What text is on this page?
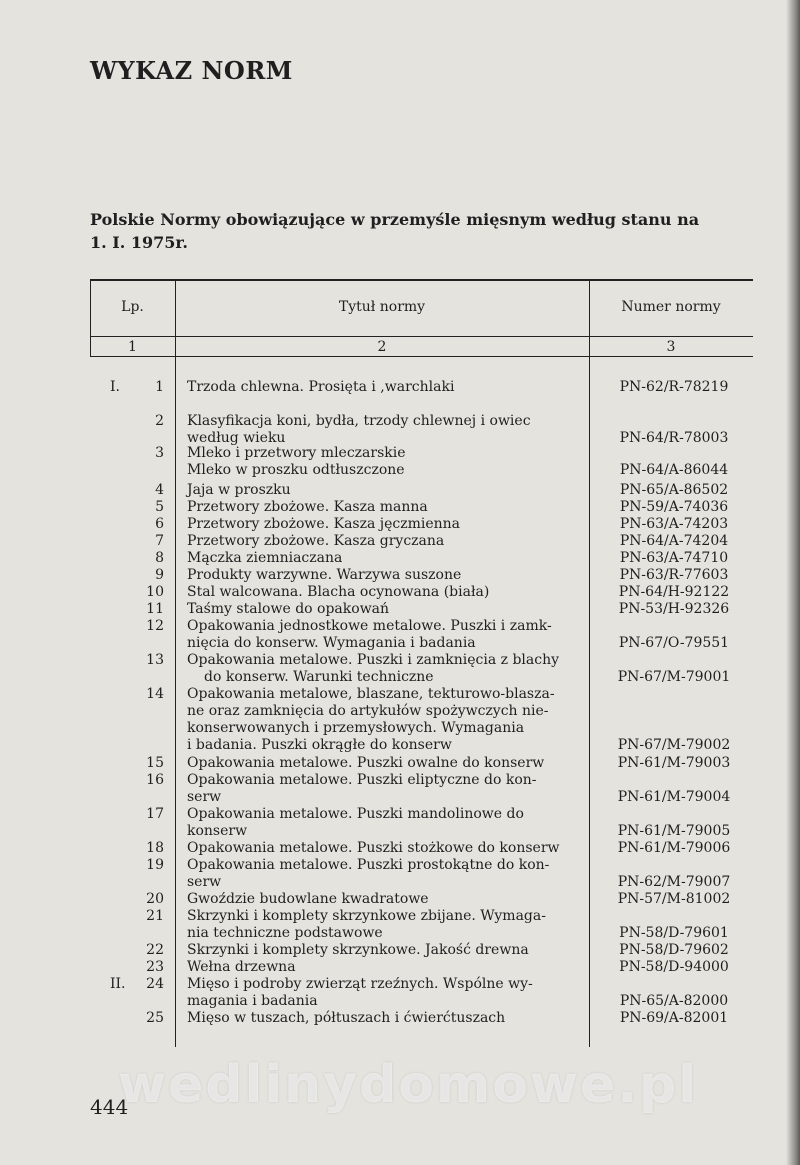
WYKAZ NORM

Polskie Normy obowiązujące w przemyśle mięsnym według stanu na 1. I. 1975r.

Lp.	Tytuł normy	Numer normy
1	2	3
I.	1 Trzoda chlewna. Prosięta i ,warchlaki	PN-62/R-78219
2 Klasyfikacja koni, bydła, trzody chlewnej i owiec
według wieku	PN-64/R-78003
3 Mleko i przetwory mleczarskie
Mleko w proszku odtłuszczone	PN-64/A-86044
4 Jaja w proszku	PN-65/A-86502
5 Przetwory zbożowe. Kasza manna	PN-59/A-74036
6 Przetwory zbożowe. Kasza jęczmienna	PN-63/A-74203
7 Przetwory zbożowe. Kasza gryczana	PN-64/A-74204
8 Mączka ziemniaczana	PN-63/A-74710
9 Produkty warzywne. Warzywa suszone	PN-63/R-77603
10 Stal walcowana. Blacha ocynowana (biała)	PN-64/H-92122
11 Taśmy stalowe do opakowań	PN-53/H-92326
12 Opakowania jednostkowe metalowe. Puszki i zamk-
nięcia do konserw. Wymagania i badania	PN-67/O-79551
13 Opakowania metalowe. Puszki i zamknięcia z blachy
do konserw. Warunki techniczne	PN-67/M-79001
14 Opakowania metalowe, blaszane, tekturowo-blasza-
ne oraz zamknięcia do artykułów spożywczych nie-
konserwowanych i przemysłowych. Wymagania
i badania. Puszki okrągłe do konserw	PN-67/M-79002
15 Opakowania metalowe. Puszki owalne do konserw	PN-61/M-79003
16 Opakowania metalowe. Puszki eliptyczne do kon-
serw	PN-61/M-79004
17 Opakowania metalowe. Puszki mandolinowe do
konserw	PN-61/M-79005
18 Opakowania metalowe. Puszki stożkowe do konserw	PN-61/M-79006
19 Opakowania metalowe. Puszki prostokątne do kon-
serw	PN-62/M-79007
20 Gwoździe budowlane kwadratowe	PN-57/M-81002
21 Skrzynki i komplety skrzynkowe zbijane. Wymaga-
nia techniczne podstawowe	PN-58/D-79601
22 Skrzynki i komplety skrzynkowe. Jakość drewna	PN-58/D-79602
23 Wełna drzewna	PN-58/D-94000
II.	24 Mięso i podroby zwierząt rzeźnych. Wspólne wy-
magania i badania	PN-65/A-82000
25 Mięso w tuszach, półtuszach i ćwierćtuszach	PN-69/A-82001
wedlinydomowe.pl
444
